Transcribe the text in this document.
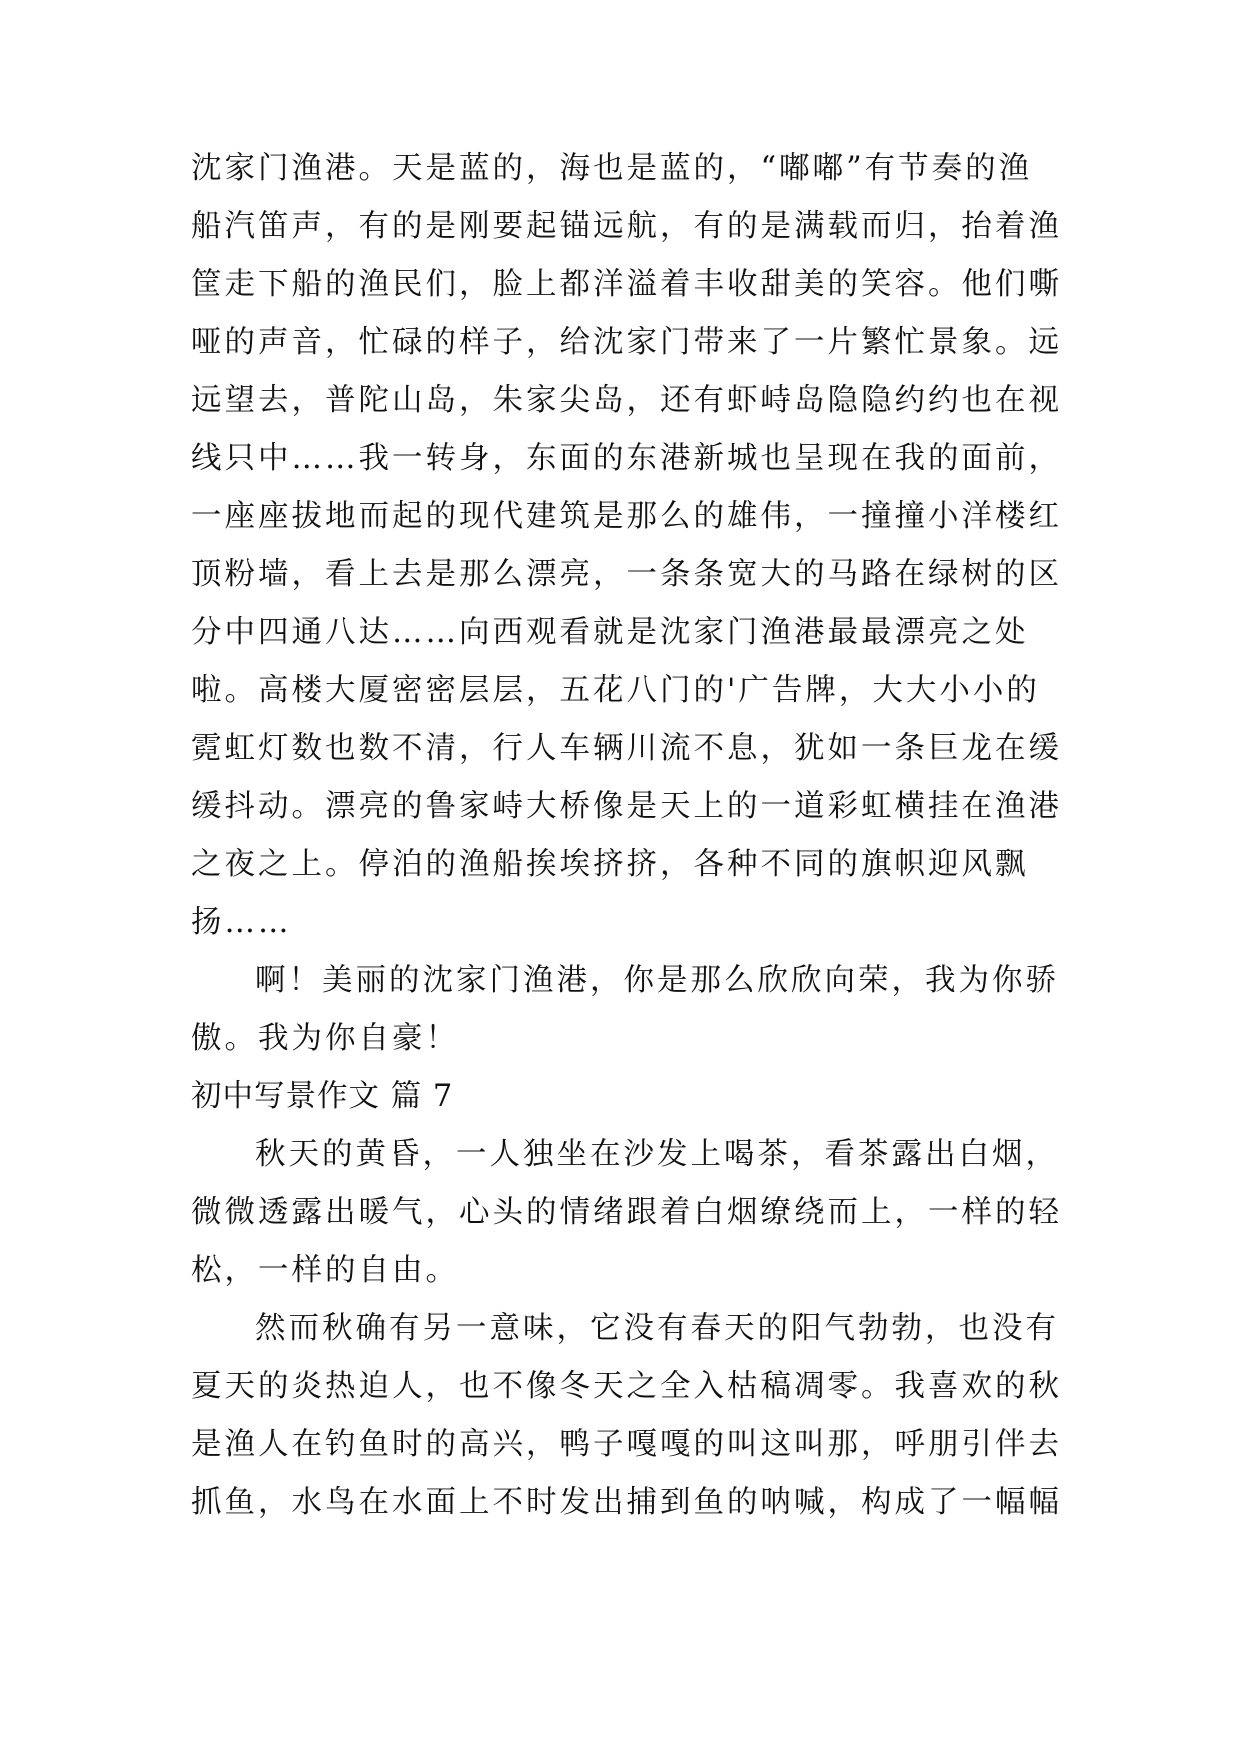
沈家门渔港。天是蓝的，海也是蓝的，“嘟嘟”有节奏的渔
船汽笛声，有的是刚要起锚远航，有的是满载而归，抬着渔
筐走下船的渔民们，脸上都洋溢着丰收甜美的笑容。他们嘶
哑的声音，忙碌的样子，给沈家门带来了一片繁忙景象。远
远望去，普陀山岛，朱家尖岛，还有虾峙岛隐隐约约也在视
线只中……我一转身，东面的东港新城也呈现在我的面前，
一座座拔地而起的现代建筑是那么的雄伟，一撞撞小洋楼红
顶粉墙，看上去是那么漂亮，一条条宽大的马路在绿树的区
分中四通八达……向西观看就是沈家门渔港最最漂亮之处
啦。高楼大厦密密层层，五花八门的'广告牌，大大小小的
霓虹灯数也数不清，行人车辆川流不息，犹如一条巨龙在缓
缓抖动。漂亮的鲁家峙大桥像是天上的一道彩虹横挂在渔港
之夜之上。停泊的渔船挨埃挤挤，各种不同的旗帜迎风飘
扬……
啊！美丽的沈家门渔港，你是那么欣欣向荣，我为你骄
傲。我为你自豪！
初中写景作文 篇 7
秋天的黄昏，一人独坐在沙发上喝茶，看茶露出白烟，
微微透露出暖气，心头的情绪跟着白烟缭绕而上，一样的轻
松，一样的自由。
然而秋确有另一意味，它没有春天的阳气勃勃，也没有
夏天的炎热迫人，也不像冬天之全入枯稿凋零。我喜欢的秋
是渔人在钓鱼时的高兴，鸭子嘎嘎的叫这叫那，呼朋引伴去
抓鱼，水鸟在水面上不时发出捕到鱼的呐喊，构成了一幅幅
